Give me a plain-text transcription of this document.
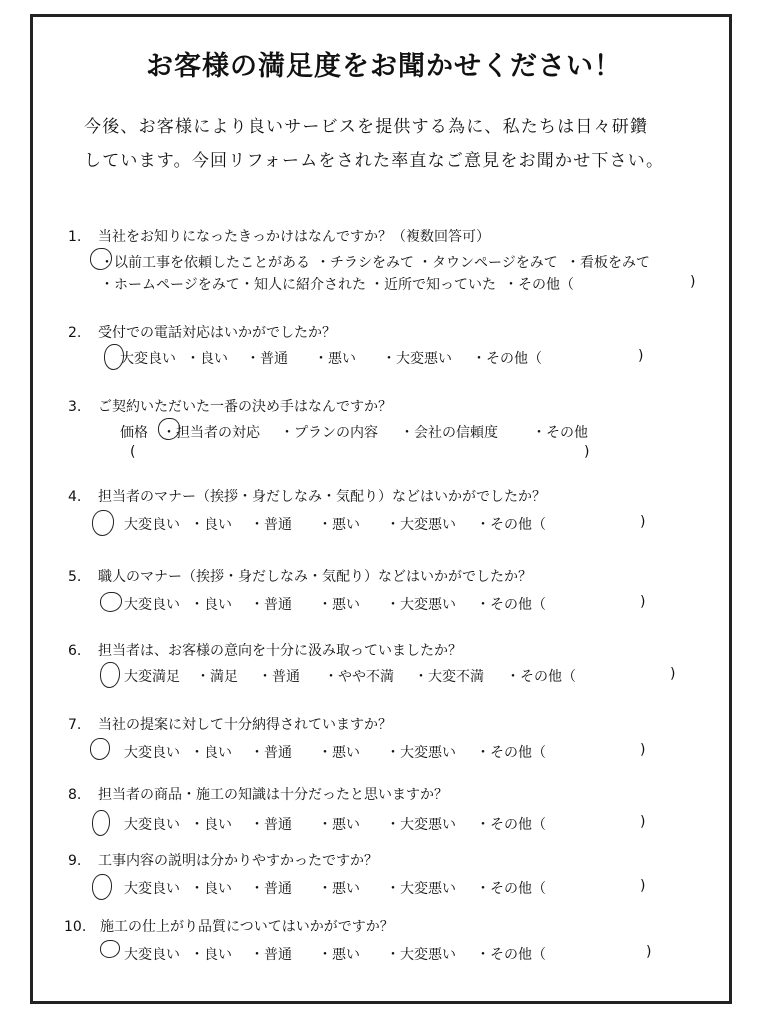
お客様の満足度をお聞かせください！
今後、お客様により良いサービスを提供する為に、私たちは日々研鑽
しています。今回リフォームをされた率直なご意見をお聞かせ下さい。
1. 当社をお知りになったきっかけはなんですか？（複数回答可）
・以前工事を依頼したことがある ・チラシをみて ・タウンページをみて ・看板をみて
・ホームページをみて ・知人に紹介された ・近所で知っていた ・その他（	)
2. 受付での電話対応はいかがでしたか？
大変良い ・良い ・普通 ・悪い ・大変悪い ・その他（	)
3. ご契約いただいた一番の決め手はなんですか？
価格 ・担当者の対応 ・プランの内容 ・会社の信頼度 ・その他
(	)
4. 担当者のマナー（挨拶・身だしなみ・気配り）などはいかがでしたか？
大変良い ・良い ・普通 ・悪い ・大変悪い ・その他（	)
5. 職人のマナー（挨拶・身だしなみ・気配り）などはいかがでしたか？
大変良い ・良い ・普通 ・悪い ・大変悪い ・その他（	)
6. 担当者は、お客様の意向を十分に汲み取っていましたか？
大変満足 ・満足 ・普通 ・やや不満 ・大変不満 ・その他（	)
7. 当社の提案に対して十分納得されていますか？
大変良い ・良い ・普通 ・悪い ・大変悪い ・その他（	)
8. 担当者の商品・施工の知識は十分だったと思いますか？
大変良い ・良い ・普通 ・悪い ・大変悪い ・その他（	)
9. 工事内容の説明は分かりやすかったですか？
大変良い ・良い ・普通 ・悪い ・大変悪い ・その他（	)
10. 施工の仕上がり品質についてはいかがですか？
大変良い ・良い ・普通 ・悪い ・大変悪い ・その他（	)
